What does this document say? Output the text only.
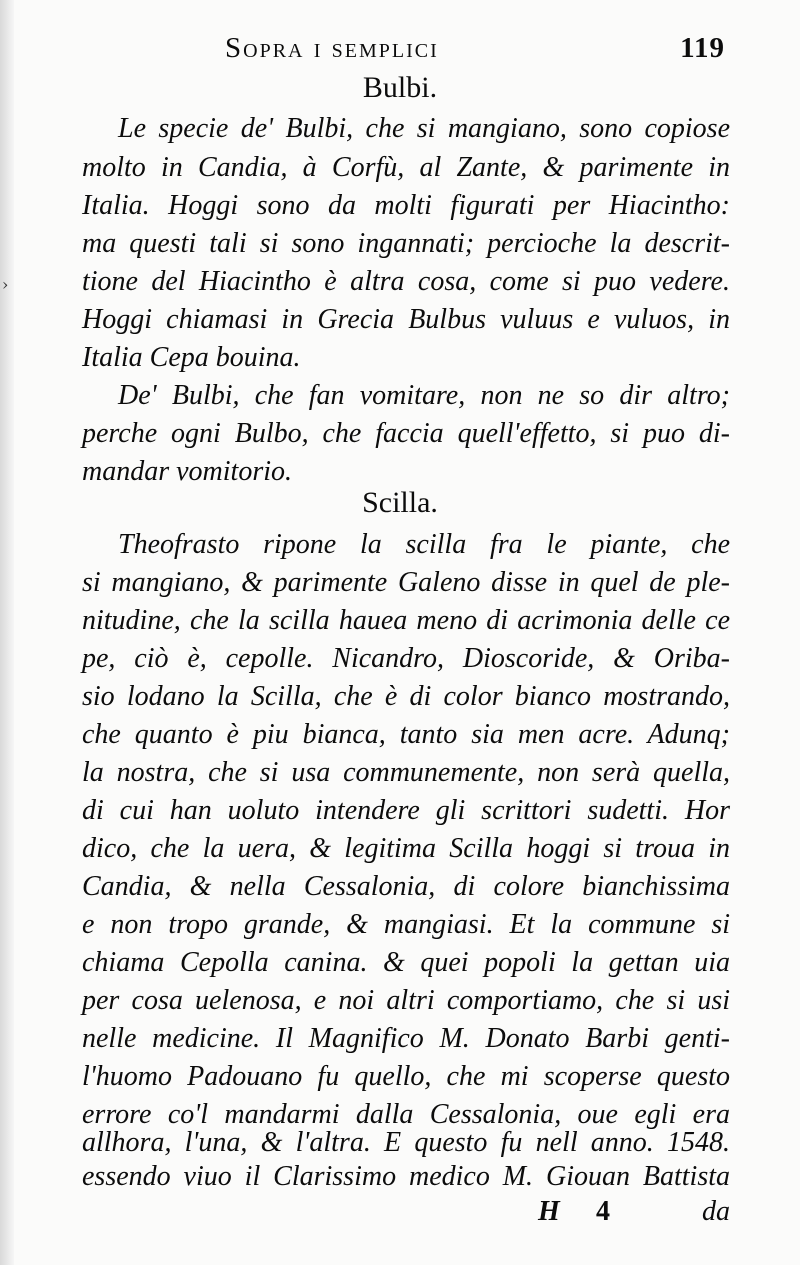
›
Sopra i semplici	119
Bulbi.
Le specie de' Bulbi, che si mangiano, sono copiose
molto in Candia, à Corfù, al Zante, & parimente in
Italia. Hoggi sono da molti figurati per Hiacintho:
ma questi tali si sono ingannati; percioche la descrit-
tione del Hiacintho è altra cosa, come si puo vedere.
Hoggi chiamasi in Grecia Bulbus vuluus e vuluos, in
Italia Cepa bouina.
De' Bulbi, che fan vomitare, non ne so dir altro;
perche ogni Bulbo, che faccia quell'effetto, si puo di-
mandar vomitorio.
Scilla.
Theofrasto ripone la scilla fra le piante, che
si mangiano, & parimente Galeno disse in quel de ple-
nitudine, che la scilla hauea meno di acrimonia delle ce
pe, ciò è, cepolle. Nicandro, Dioscoride, & Oriba-
sio lodano la Scilla, che è di color bianco mostrando,
che quanto è piu bianca, tanto sia men acre. Adunq;
la nostra, che si usa communemente, non serà quella,
di cui han uoluto intendere gli scrittori sudetti. Hor
dico, che la uera, & legitima Scilla hoggi si troua in
Candia, & nella Cessalonia, di colore bianchissima
e non tropo grande, & mangiasi. Et la commune si
chiama Cepolla canina. & quei popoli la gettan uia
per cosa uelenosa, e noi altri comportiamo, che si usi
nelle medicine. Il Magnifico M. Donato Barbi genti-
l'huomo Padouano fu quello, che mi scoperse questo
errore co'l mandarmi dalla Cessalonia, oue egli era
allhora, l'una, & l'altra. E questo fu nell anno. 1548.
essendo viuo il Clarissimo medico M. Giouan Battista
H 4	da
